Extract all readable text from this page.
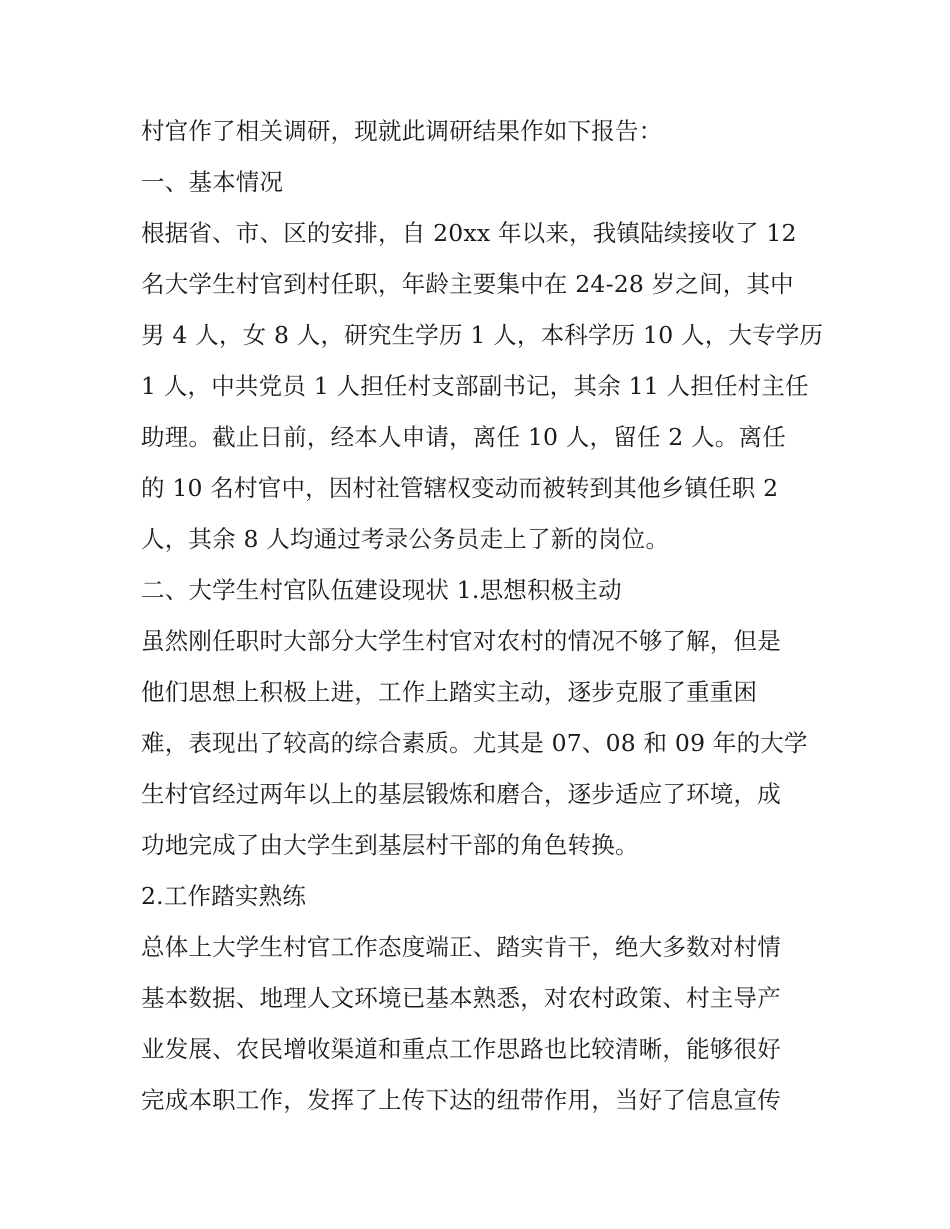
村官作了相关调研，现就此调研结果作如下报告：
一、基本情况
根据省、市、区的安排，自 20xx 年以来，我镇陆续接收了 12
名大学生村官到村任职，年龄主要集中在 24-28 岁之间，其中
男 4 人，女 8 人，研究生学历 1 人，本科学历 10 人，大专学历
1 人，中共党员 1 人担任村支部副书记，其余 11 人担任村主任
助理。截止日前，经本人申请，离任 10 人，留任 2 人。离任
的 10 名村官中，因村社管辖权变动而被转到其他乡镇任职 2
人，其余 8 人均通过考录公务员走上了新的岗位。
二、大学生村官队伍建设现状 1.思想积极主动
虽然刚任职时大部分大学生村官对农村的情况不够了解，但是
他们思想上积极上进，工作上踏实主动，逐步克服了重重困
难，表现出了较高的综合素质。尤其是 07、08 和 09 年的大学
生村官经过两年以上的基层锻炼和磨合，逐步适应了环境，成
功地完成了由大学生到基层村干部的角色转换。
2.工作踏实熟练
总体上大学生村官工作态度端正、踏实肯干，绝大多数对村情
基本数据、地理人文环境已基本熟悉，对农村政策、村主导产
业发展、农民增收渠道和重点工作思路也比较清晰，能够很好
完成本职工作，发挥了上传下达的纽带作用，当好了信息宣传
